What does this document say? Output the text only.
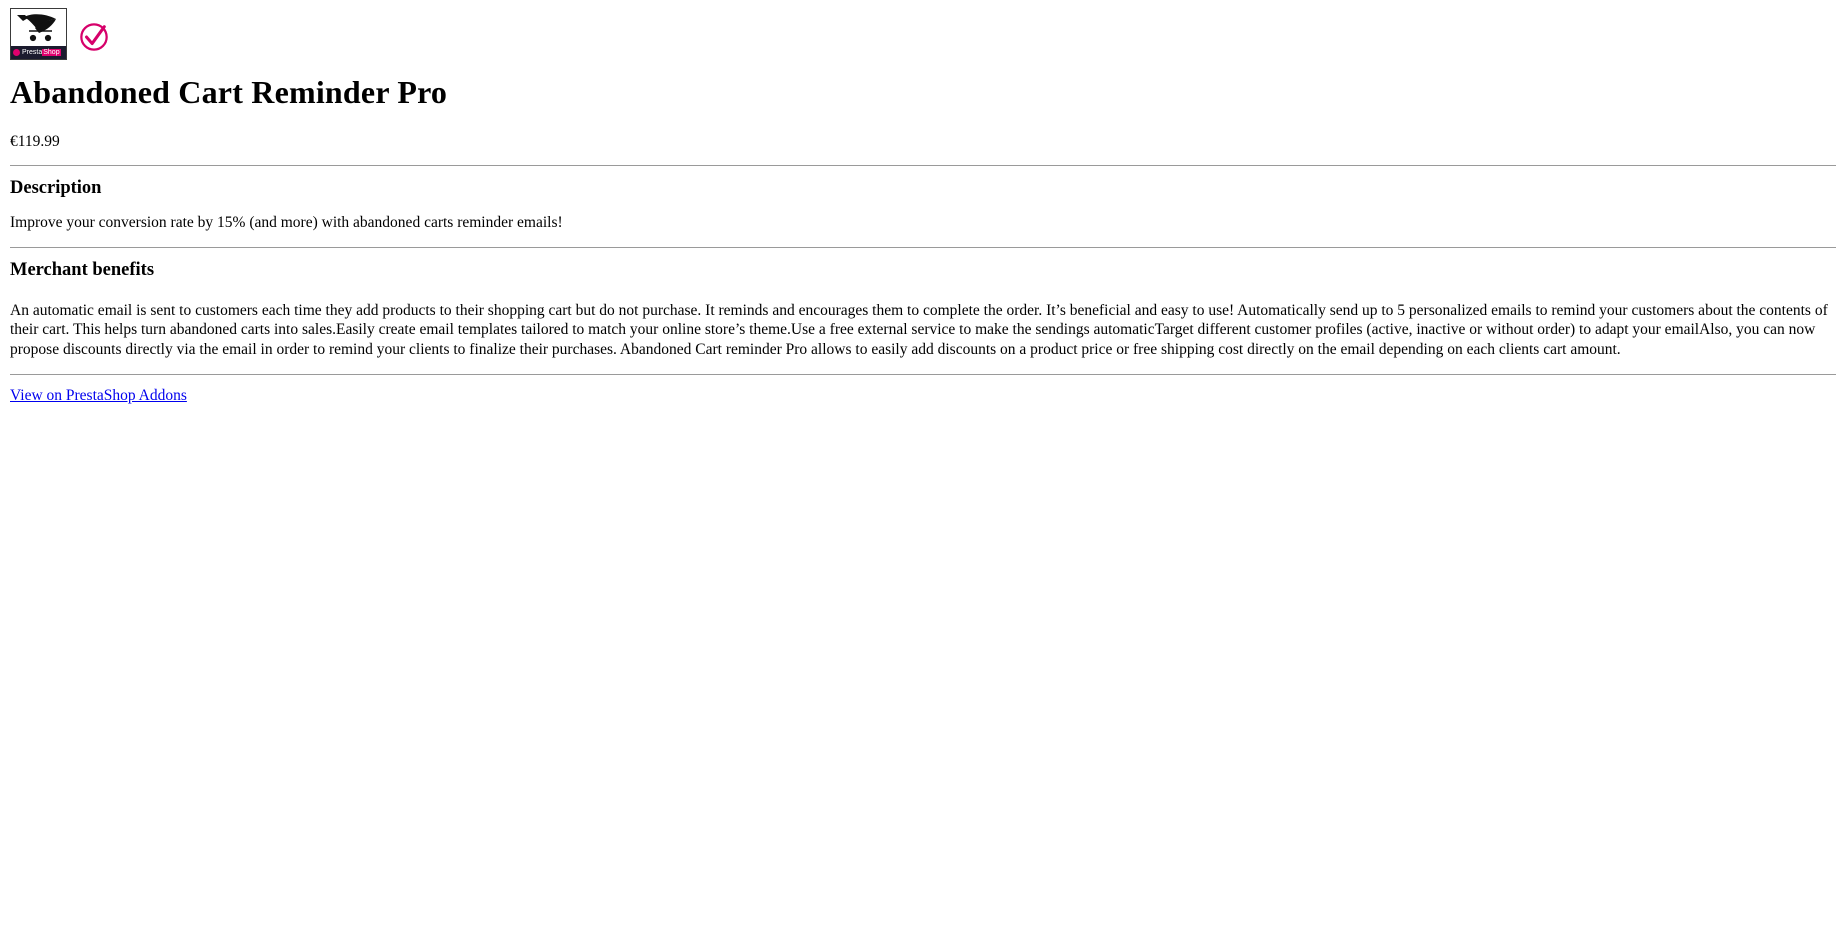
PrestaShop
Abandoned Cart Reminder Pro
€119.99
Description

Improve your conversion rate by 15% (and more) with abandoned carts reminder emails!

Merchant benefits

An automatic email is sent to customers each time they add products to their shopping cart but do not purchase. It reminds and encourages them to complete the order. It’s beneficial and easy to use! Automatically send up to 5 personalized emails to remind your customers about the contents of their cart. This helps turn abandoned carts into sales.Easily create email templates tailored to match your online store’s theme.Use a free external service to make the sendings automaticTarget different customer profiles (active, inactive or without order) to adapt your emailAlso, you can now propose discounts directly via the email in order to remind your clients to finalize their purchases. Abandoned Cart reminder Pro allows to easily add discounts on a product price or free shipping cost directly on the email depending on each clients cart amount.

View on PrestaShop Addons
